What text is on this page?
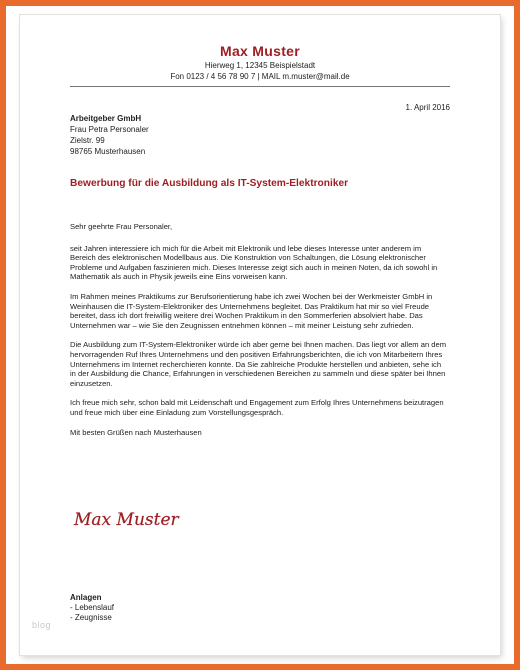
Max Muster
Hierweg 1, 12345 Beispielstadt
Fon 0123 / 4 56 78 90 7 | MAIL m.muster@mail.de
1. April 2016
Arbeitgeber GmbH
Frau Petra Personaler
Zielstr. 99
98765 Musterhausen
Bewerbung für die Ausbildung als IT-System-Elektroniker

Sehr geehrte Frau Personaler,

seit Jahren interessiere ich mich für die Arbeit mit Elektronik und lebe dieses Interesse unter anderem im Bereich des elektronischen Modellbaus aus. Die Konstruktion von Schaltungen, die Lösung elektronischer Probleme und Aufgaben faszinieren mich. Dieses Interesse zeigt sich auch in meinen Noten, da ich sowohl in Mathematik als auch in Physik jeweils eine Eins vorweisen kann.

Im Rahmen meines Praktikums zur Berufsorientierung habe ich zwei Wochen bei der Werkmeister GmbH in Weinhausen die IT-System-Elektroniker des Unternehmens begleitet. Das Praktikum hat mir so viel Freude bereitet, dass ich dort freiwillig weitere drei Wochen Praktikum in den Sommerferien absolviert habe. Das Unternehmen war – wie Sie den Zeugnissen entnehmen können – mit meiner Leistung sehr zufrieden.

Die Ausbildung zum IT-System-Elektroniker würde ich aber gerne bei Ihnen machen. Das liegt vor allem an dem hervorragenden Ruf Ihres Unternehmens und den positiven Erfahrungsberichten, die ich von Mitarbeitern Ihres Unternehmens im Internet recherchieren konnte. Da Sie zahlreiche Produkte herstellen und anbieten, sehe ich in der Ausbildung die Chance, Erfahrungen in verschiedenen Bereichen zu sammeln und diese später bei Ihnen einzusetzen.

Ich freue mich sehr, schon bald mit Leidenschaft und Engagement zum Erfolg Ihres Unternehmens beizutragen und freue mich über eine Einladung zum Vorstellungsgespräch.

Mit besten Grüßen nach Musterhausen

Max Muster
Anlagen
- Lebenslauf
- Zeugnisse
blog
